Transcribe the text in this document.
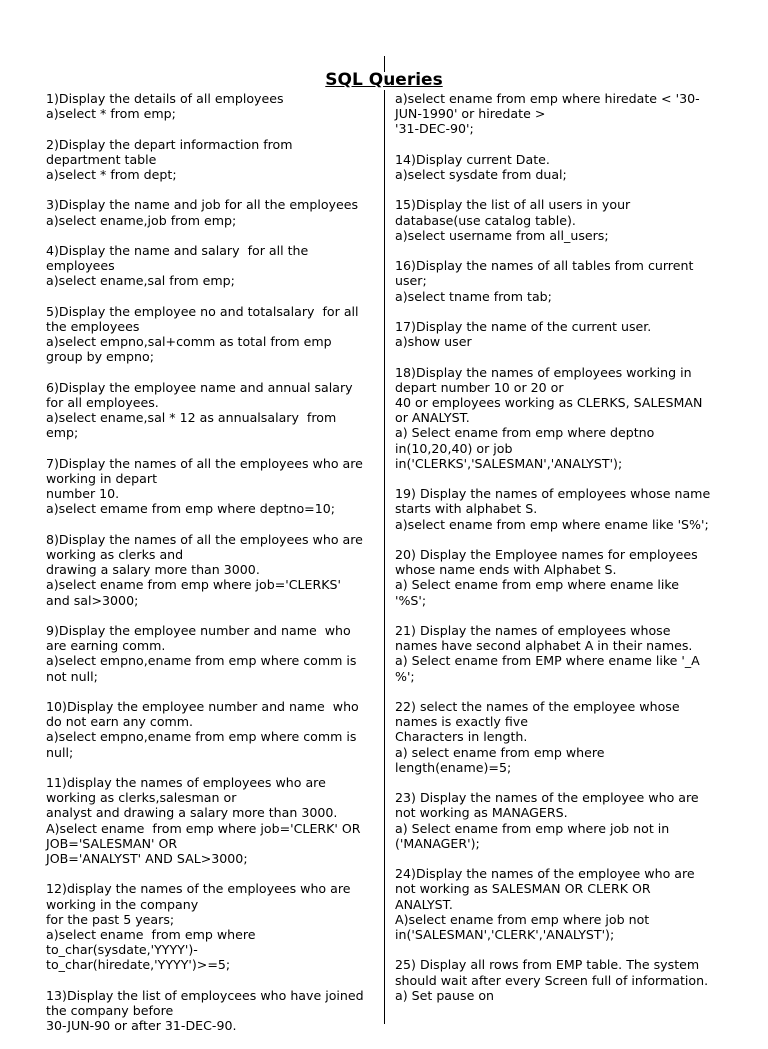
SQL Queries

1)Display the details of all employees

a)select * from emp;

2)Display the depart informaction from

department table

a)select * from dept;

3)Display the name and job for all the employees

a)select ename,job from emp;

4)Display the name and salary  for all the

employees

a)select ename,sal from emp;

5)Display the employee no and totalsalary  for all

the employees

a)select empno,sal+comm as total from emp

group by empno;

6)Display the employee name and annual salary

for all employees.

a)select ename,sal * 12 as annualsalary  from

emp;

7)Display the names of all the employees who are

working in depart

number 10.

a)select emame from emp where deptno=10;

8)Display the names of all the employees who are

working as clerks and

drawing a salary more than 3000.

a)select ename from emp where job='CLERKS'

and sal>3000;

9)Display the employee number and name  who

are earning comm.

a)select empno,ename from emp where comm is

not null;

10)Display the employee number and name  who

do not earn any comm.

a)select empno,ename from emp where comm is

null;

11)display the names of employees who are

working as clerks,salesman or

analyst and drawing a salary more than 3000.

A)select ename  from emp where job='CLERK' OR

JOB='SALESMAN' OR

JOB='ANALYST' AND SAL>3000;

12)display the names of the employees who are

working in the company

for the past 5 years;

a)select ename  from emp where

to_char(sysdate,'YYYY')-

to_char(hiredate,'YYYY')>=5;

13)Display the list of employcees who have joined

the company before

30-JUN-90 or after 31-DEC-90.

a)select ename from emp where hiredate < '30-

JUN-1990' or hiredate >

'31-DEC-90';

14)Display current Date.

a)select sysdate from dual;

15)Display the list of all users in your

database(use catalog table).

a)select username from all_users;

16)Display the names of all tables from current

user;

a)select tname from tab;

17)Display the name of the current user.

a)show user

18)Display the names of employees working in

depart number 10 or 20 or

40 or employees working as CLERKS, SALESMAN

or ANALYST.

a) Select ename from emp where deptno

in(10,20,40) or job

in('CLERKS','SALESMAN','ANALYST');

19) Display the names of employees whose name

starts with alphabet S.

a)select ename from emp where ename like 'S%';

20) Display the Employee names for employees

whose name ends with Alphabet S.

a) Select ename from emp where ename like

'%S';

21) Display the names of employees whose

names have second alphabet A in their names.

a) Select ename from EMP where ename like '_A

%';

22) select the names of the employee whose

names is exactly five

Characters in length.

a) select ename from emp where

length(ename)=5;

23) Display the names of the employee who are

not working as MANAGERS.

a) Select ename from emp where job not in

('MANAGER');

24)Display the names of the employee who are

not working as SALESMAN OR CLERK OR

ANALYST.

A)select ename from emp where job not

in('SALESMAN','CLERK','ANALYST');

25) Display all rows from EMP table. The system

should wait after every Screen full of information.

a) Set pause on
